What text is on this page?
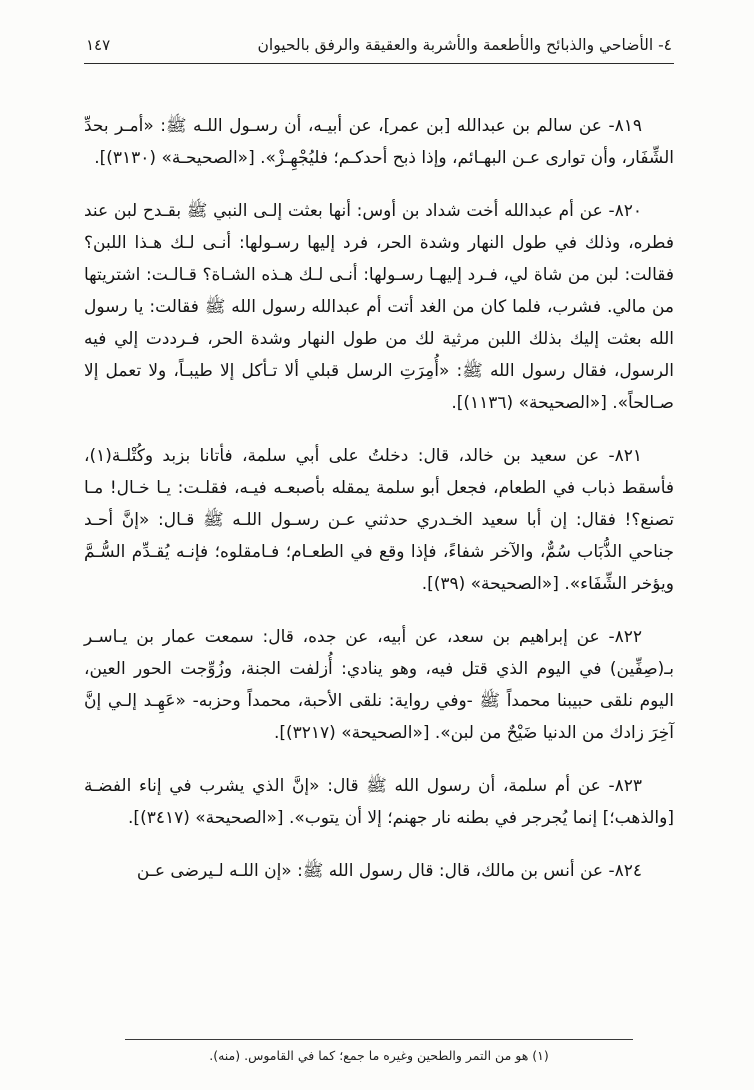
٤- الأضاحي والذبائح والأطعمة والأشربة والعقيقة والرفق بالحيوان
١٤٧

٨١٩- عن سالم بن عبدالله [بن عمر]، عن أبيـه، أن رسـول اللـه ﷺ: «أمـر بحدِّ الشِّفَار، وأن توارى عـن البهـائم، وإذا ذبح أحدكـم؛ فليُجْهِـزْ». [«الصحيحـة» (٣١٣٠)].

٨٢٠- عن أم عبدالله أخت شداد بن أوس: أنها بعثت إلـى النبي ﷺ بقـدح لبن عند فطره، وذلك في طول النهار وشدة الحر، فرد إليها رسـولها: أنـى لـك هـذا اللبن؟ فقالت: لبن من شاة لي، فـرد إليهـا رسـولها: أنـى لـك هـذه الشـاة؟ قـالـت: اشتريتها من مالي. فشرب، فلما كان من الغد أتت أم عبدالله رسول الله ﷺ فقالت: يا رسول الله بعثت إليك بذلك اللبن مرثية لك من طول النهار وشدة الحر، فـرددت إلي فيه الرسول، فقال رسول الله ﷺ: «أُمِرَتِ الرسل قبلي ألا تـأكل إلا طيبـاً، ولا تعمل إلا صـالحاً». [«الصحيحة» (١١٣٦)].

٨٢١- عن سعيد بن خالد، قال: دخلتُ على أبي سلمة، فأتانا بزبد وكُتْلـة(١)، فأسقط ذباب في الطعام، فجعل أبو سلمة يمقله بأصبعـه فيـه، فقلـت: يـا خـال! مـا تصنع؟! فقال: إن أبا سعيد الخـدري حدثني عـن رسـول اللـه ﷺ قـال: «إنَّ أحـد جناحي الذُّبَاب سُمٌّ، والآخر شفاءً، فإذا وقع في الطعـام؛ فـامقلوه؛ فإنـه يُقـدِّم السُّـمَّ ويؤخر الشِّفَاء». [«الصحيحة» (٣٩)].

٨٢٢- عن إبراهيم بن سعد، عن أبيه، عن جده، قال: سمعت عمار بن يـاسـر بـ(صِفِّين) في اليوم الذي قتل فيه، وهو ينادي: أُزلفت الجنة، وزُوِّجت الحور العين، اليوم نلقى حبيبنا محمداً ﷺ -وفي رواية: نلقى الأحبة، محمداً وحزبه- «عَهِـد إلـي إنَّ آخِرَ زادك من الدنيا ضَيْحٌ من لبن». [«الصحيحة» (٣٢١٧)].

٨٢٣- عن أم سلمة، أن رسول الله ﷺ قال: «إنَّ الذي يشرب في إناء الفضـة [والذهب؛] إنما يُجرجر في بطنه نار جهنم؛ إلا أن يتوب». [«الصحيحة» (٣٤١٧)].

٨٢٤- عن أنس بن مالك، قال: قال رسول الله ﷺ: «إن اللـه لـيرضى عـن

(١) هو من التمر والطحين وغيره ما جمع؛ كما في القاموس. (منه).
